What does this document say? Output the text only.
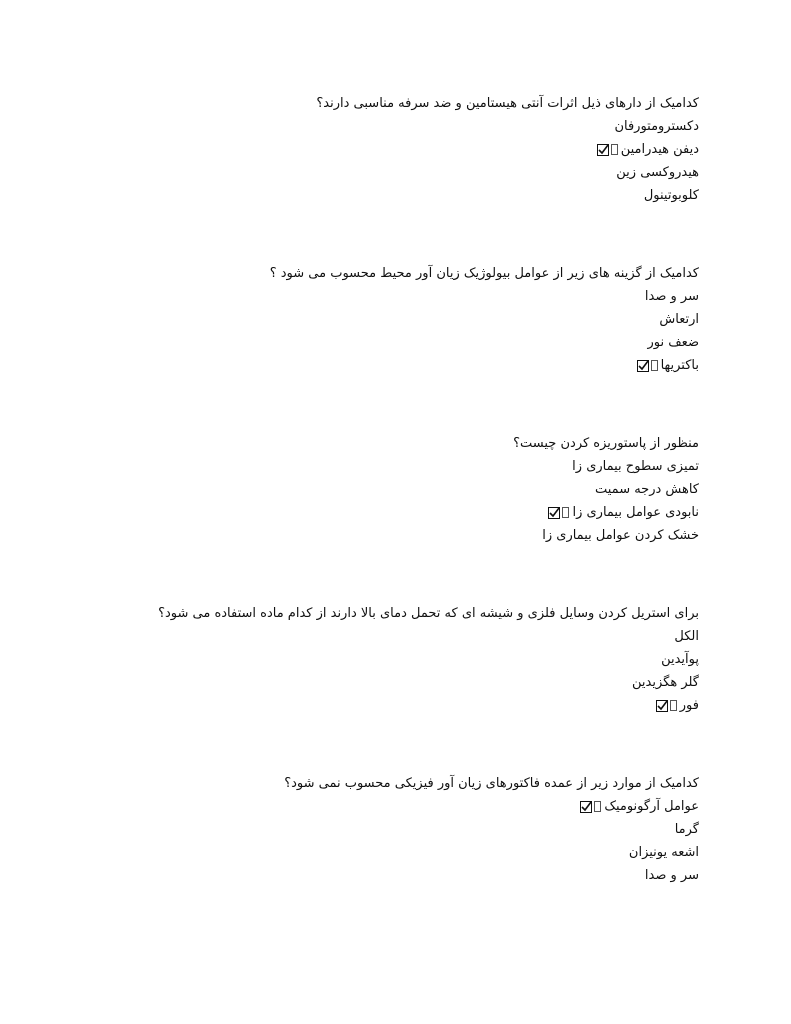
کدامیک از دارهای ذیل اثرات آنتی هیستامین و ضد سرفه مناسبی دارند؟
دکسترومتورفان
دیفن هیدرامین
هیدروکسی زین
کلوبوتینول
کدامیک از گزینه های زیر از عوامل بیولوژیک زیان آور محیط محسوب می شود ؟
سر و صدا
ارتعاش
ضعف نور
باکتریها
منظور از پاستوریزه کردن چیست؟
تمیزی سطوح بیماری زا
کاهش درجه سمیت
نابودی عوامل بیماری زا
خشک کردن عوامل بیماری زا
برای استریل کردن وسایل فلزی و شیشه ای که تحمل دمای بالا دارند از کدام ماده استفاده می شود؟
الکل
پوآیدین
گلر هگزیدین
فور
کدامیک از موارد زیر از عمده فاکتورهای زیان آور فیزیکی محسوب نمی شود؟
عوامل آرگونومیک
گرما
اشعه یونیزان
سر و صدا
